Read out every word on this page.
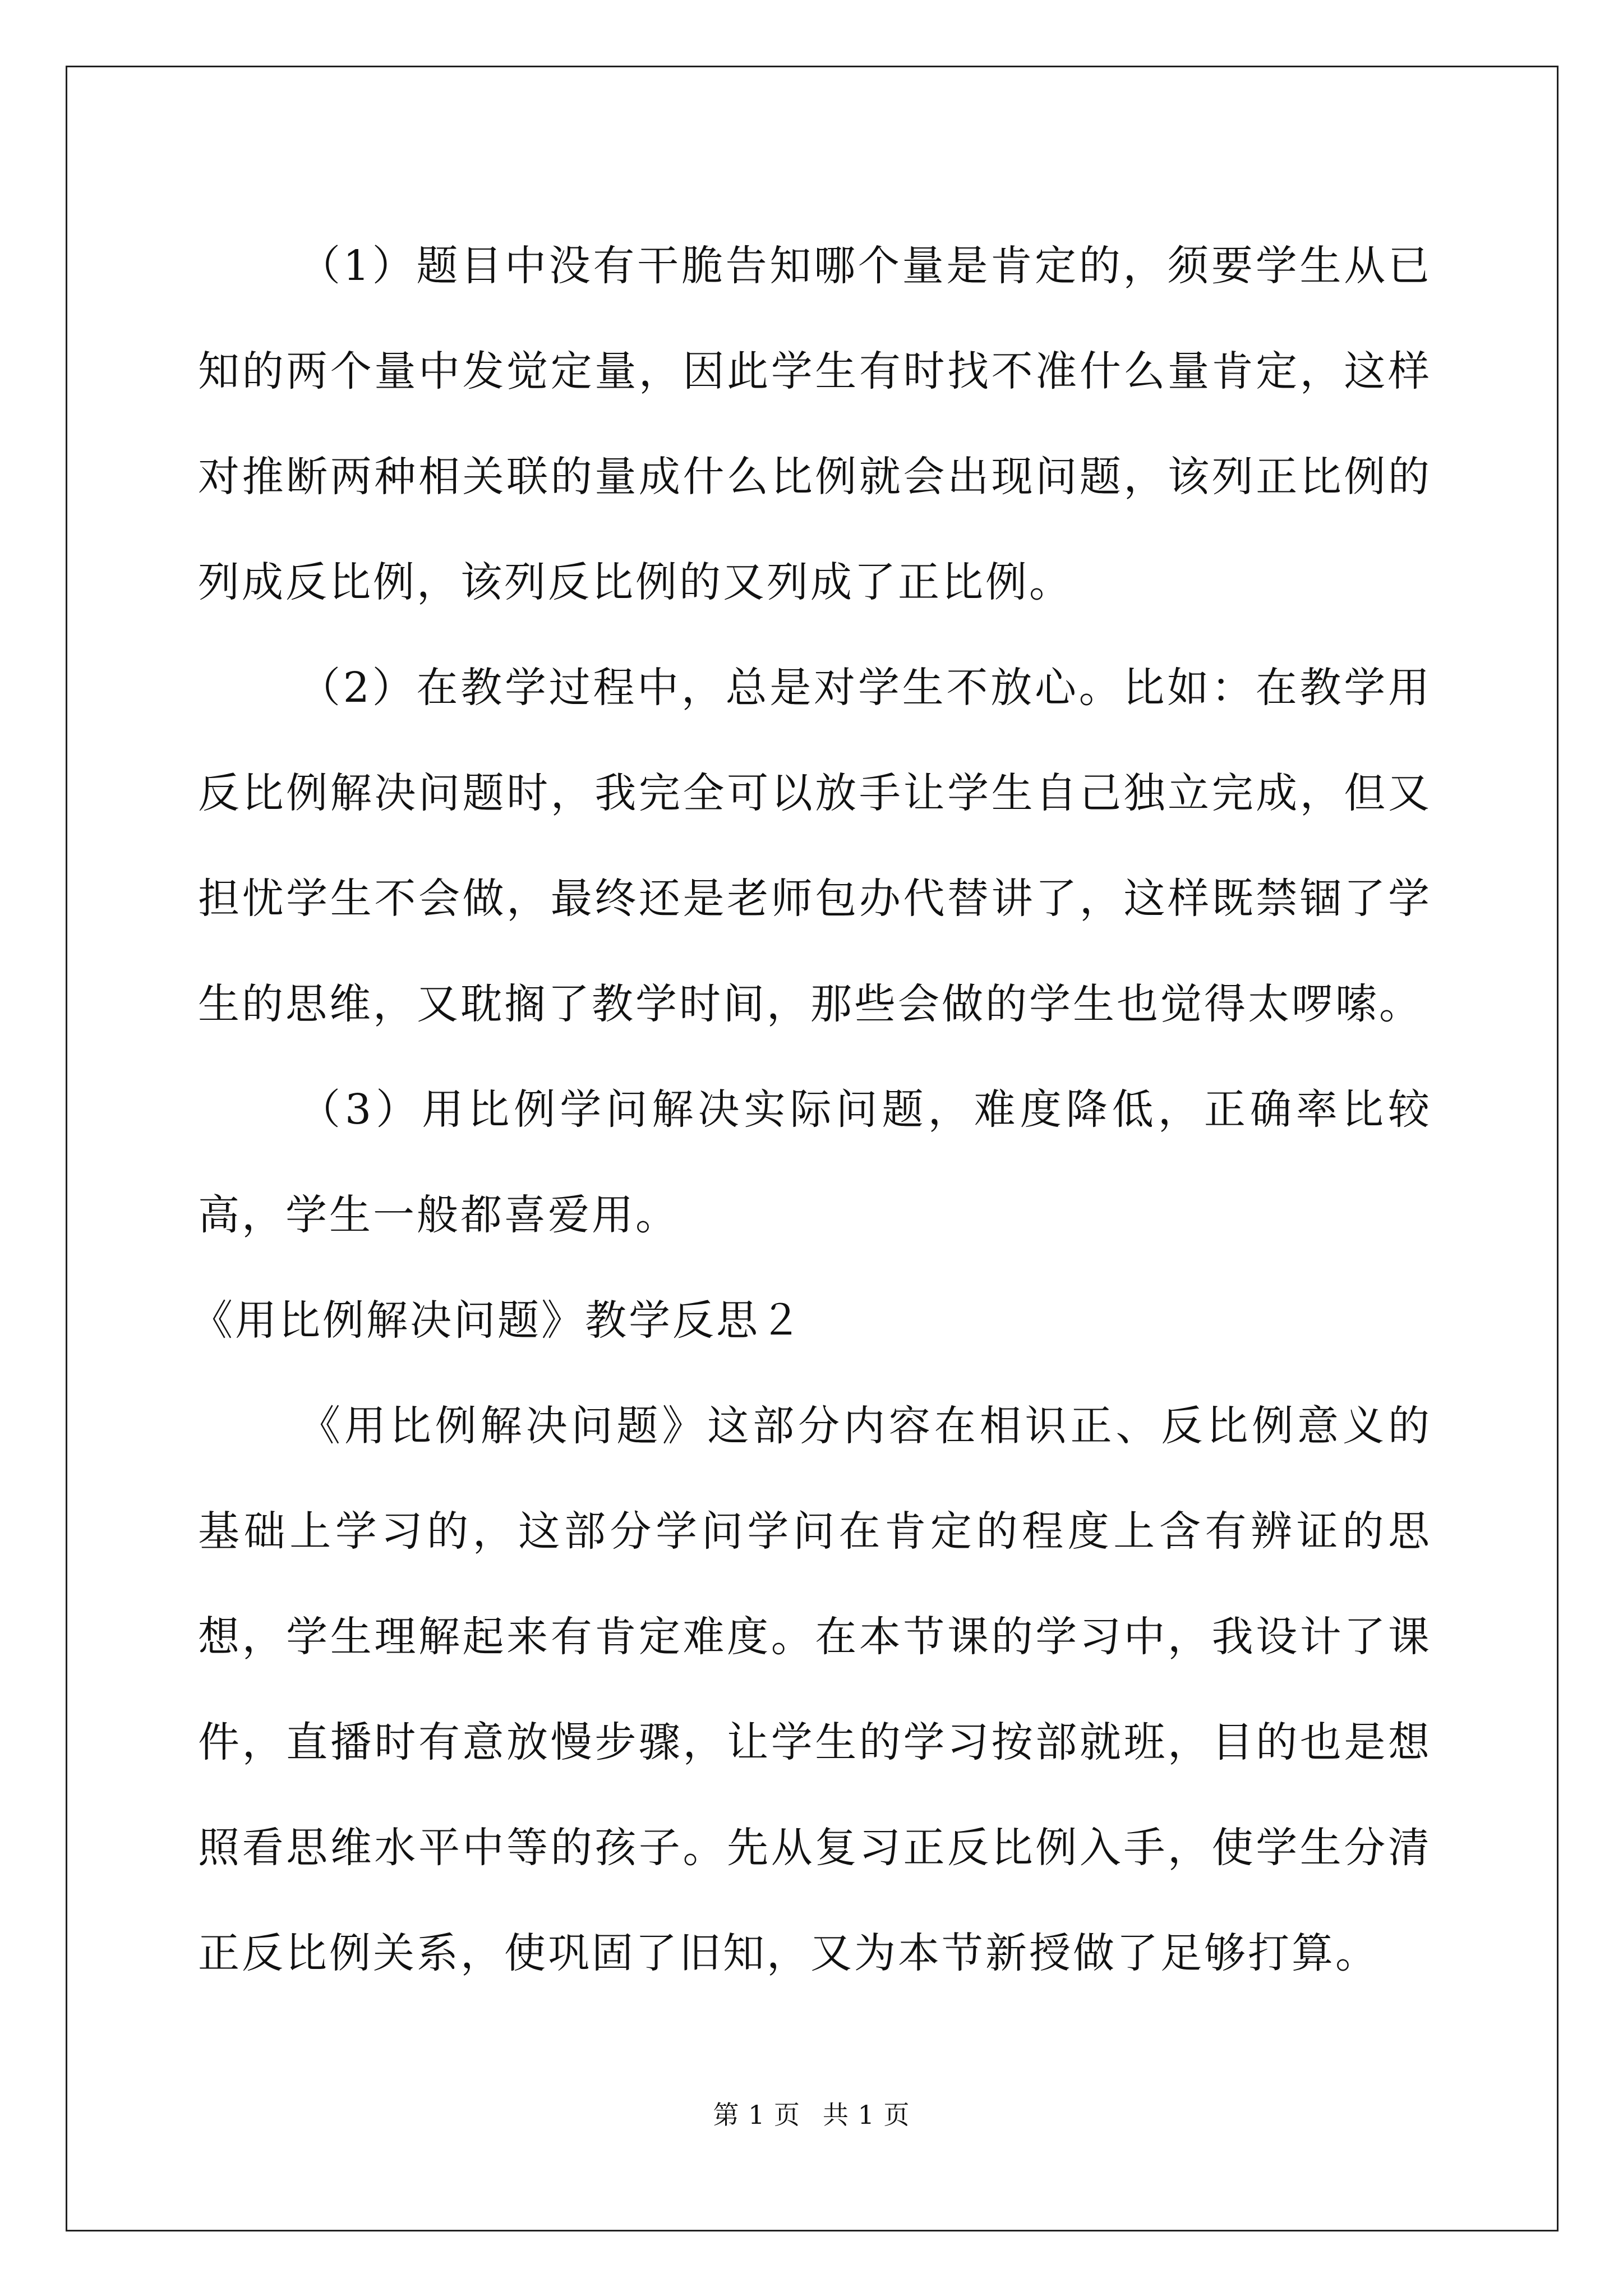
（1）题目中没有干脆告知哪个量是肯定的，须要学生从已知的两个量中发觉定量，因此学生有时找不准什么量肯定，这样对推断两种相关联的量成什么比例就会出现问题，该列正比例的列成反比例，该列反比例的又列成了正比例。

（2）在教学过程中，总是对学生不放心。比如：在教学用反比例解决问题时，我完全可以放手让学生自己独立完成，但又担忧学生不会做，最终还是老师包办代替讲了，这样既禁锢了学生的思维，又耽搁了教学时间，那些会做的学生也觉得太啰嗦。

（3）用比例学问解决实际问题，难度降低，正确率比较高，学生一般都喜爱用。

《用比例解决问题》教学反思２

《用比例解决问题》这部分内容在相识正、反比例意义的基础上学习的，这部分学问学问在肯定的程度上含有辨证的思想，学生理解起来有肯定难度。在本节课的学习中，我设计了课件，直播时有意放慢步骤，让学生的学习按部就班，目的也是想照看思维水平中等的孩子。先从复习正反比例入手，使学生分清正反比例关系，使巩固了旧知，又为本节新授做了足够打算。

第 1 页 共 1 页
